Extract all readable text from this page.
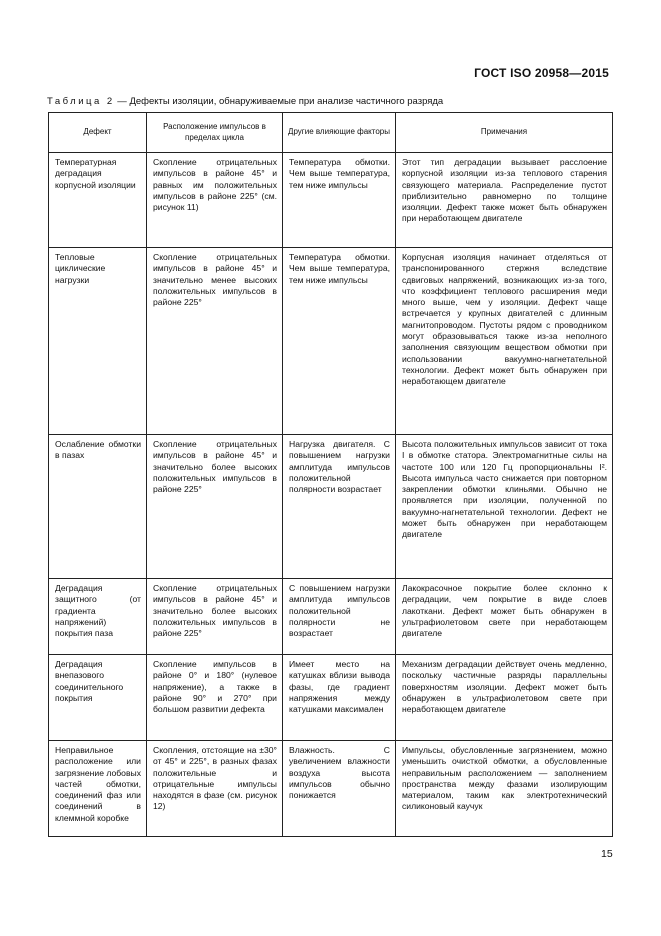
ГОСТ ISO 20958—2015
Таблица 2 — Дефекты изоляции, обнаруживаемые при анализе частичного разряда
Дефект	Расположение импульсов в пределах цикла	Другие влияющие факторы	Примечания
Температурная деградация корпусной изоляции	Скопление отрицательных импульсов в районе 45° и равных им положительных импульсов в районе 225° (см. рисунок 11)	Температура обмотки. Чем выше температура, тем ниже импульсы	Этот тип деградации вызывает расслоение корпусной изоляции из-за теплового старения связующего материала. Распределение пустот приблизительно равномерно по толщине изоляции. Дефект также может быть обнаружен при неработающем двигателе
Тепловые циклические нагрузки	Скопление отрицательных импульсов в районе 45° и значительно менее высоких положительных импульсов в районе 225°	Температура обмотки. Чем выше температура, тем ниже импульсы	Корпусная изоляция начинает отделяться от транспонированного стержня вследствие сдвиговых напряжений, возникающих из-за того, что коэффициент теплового расширения меди много выше, чем у изоляции. Дефект чаще встречается у крупных двигателей с длинным магнитопроводом. Пустоты рядом с проводником могут образовываться также из-за неполного заполнения связующим веществом обмотки при использовании вакуумно-нагнетательной технологии. Дефект может быть обнаружен при неработающем двигателе
Ослабление обмотки в пазах	Скопление отрицательных импульсов в районе 45° и значительно более высоких положительных импульсов в районе 225°	Нагрузка двигателя. С повышением нагрузки амплитуда импульсов положительной полярности возрастает	Высота положительных импульсов зависит от тока I в обмотке статора. Электромагнитные силы на частоте 100 или 120 Гц пропорциональны I². Высота импульса часто снижается при повторном закреплении обмотки клиньями. Обычно не проявляется при изоляции, полученной по вакуумно-нагнетательной технологии. Дефект не может быть обнаружен при неработающем двигателе
Деградация защитного (от градиента напряжений) покрытия паза	Скопление отрицательных импульсов в районе 45° и значительно более высоких положительных импульсов в районе 225°	С повышением нагрузки амплитуда импульсов положительной полярности не возрастает	Лакокрасочное покрытие более склонно к деградации, чем покрытие в виде слоев лакоткани. Дефект может быть обнаружен в ультрафиолетовом свете при неработающем двигателе
Деградация внепазового соединительного покрытия	Скопление импульсов в районе 0° и 180° (нулевое напряжение), а также в районе 90° и 270° при большом развитии дефекта	Имеет место на катушках вблизи вывода фазы, где градиент напряжения между катушками максимален	Механизм деградации действует очень медленно, поскольку частичные разряды параллельны поверхностям изоляции. Дефект может быть обнаружен в ультрафиолетовом свете при неработающем двигателе
Неправильное расположение или загрязнение лобовых частей обмотки, соединений фаз или соединений в клеммной коробке	Скопления, отстоящие на ±30° от 45° и 225°, в разных фазах положительные и отрицательные импульсы находятся в фазе (см. рисунок 12)	Влажность. С увеличением влажности воздуха высота импульсов обычно понижается	Импульсы, обусловленные загрязнением, можно уменьшить очисткой обмотки, а обусловленные неправильным расположением — заполнением пространства между фазами изолирующим материалом, таким как электротехнический силиконовый каучук
15
